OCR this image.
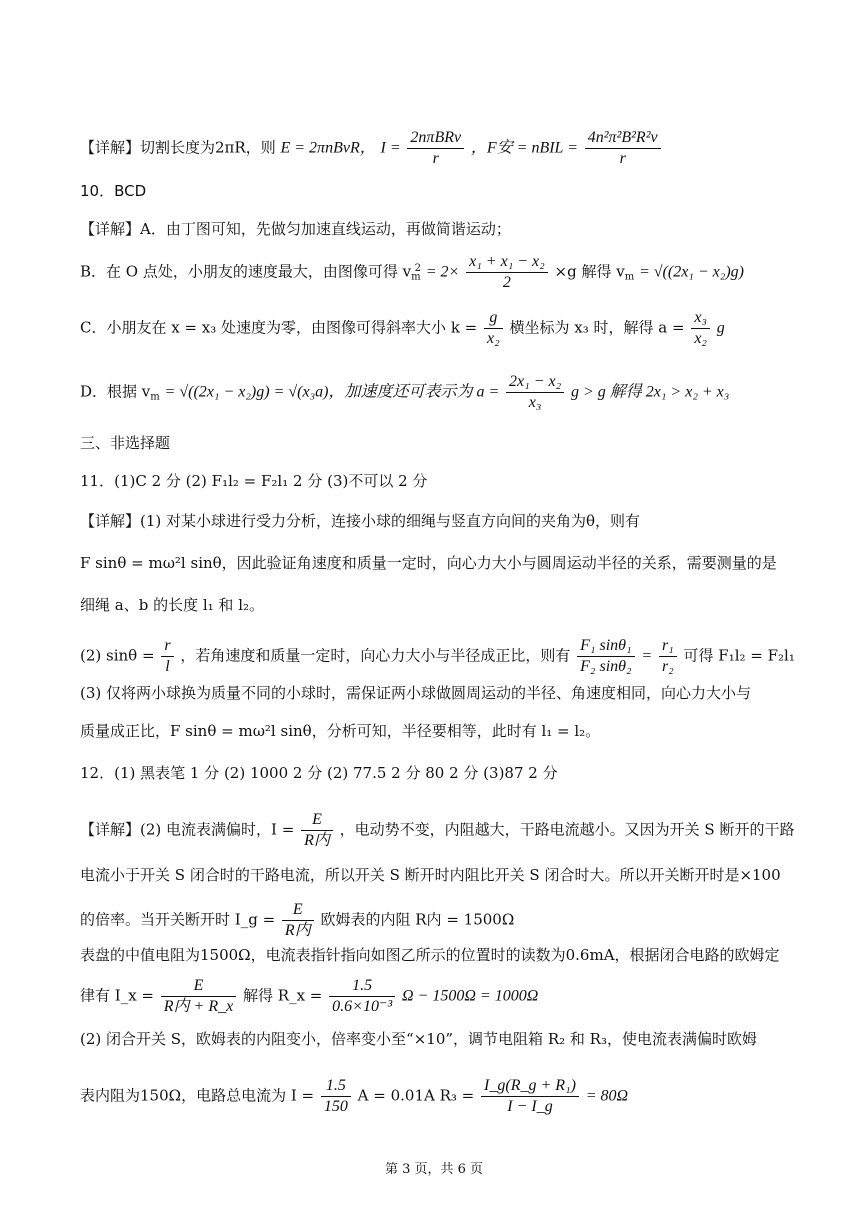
【详解】切割长度为2πR，则 E = 2πnBvR， $I = \frac{\text{2nπBRv}}{r}$ ，F安 = nBIL = $\frac{\text{4n²π²B²R²v}}{r}$
10．BCD
【详解】A．由丁图可知，先做匀加速直线运动，再做简谐运动；
B．在 O 点处，小朋友的速度最大，由图像可得 $v_m^2 = 2\times \frac{\text{x₁ + x₁ − x₂}}{2} \times g$ 解得 $v_m = √((2x_1 - x_2)g)$
C．小朋友在 x = x₃ 处速度为零，由图像可得斜率大小 $k = \frac{g}{\text{x₂}}$ 横坐标为 x₃ 时，解得 $a = \frac{\text{x₃}}{\text{x₂}}$ g
D．根据 $v_m = √((2x_1 - x_2)g) = √(x_3a)$，加速度还可表示为 $a = \frac{\text{2x₁ − x₂}}{\text{x₃}}$ g > g 解得 2x₁ > x₂ + x₃
三、非选择题
11．(1)C 2 分 (2) F₁l₂ = F₂l₁ 2 分 (3)不可以 2 分
【详解】(1) 对某小球进行受力分析，连接小球的细绳与竖直方向间的夹角为θ，则有
F sinθ = mω²l sinθ，因此验证角速度和质量一定时，向心力大小与圆周运动半径的关系，需要测量的是
细绳 a、b 的长度 l₁ 和 l₂。
(2) $\sin\theta = \frac{r}{l}$ ，若角速度和质量一定时，向心力大小与半径成正比，则有 $\frac{\text{F₁ sinθ₁}}{\text{F₂ sinθ₂}} = \frac{\text{r₁}}{\text{r₂}}$ 可得 F₁l₂ = F₂l₁
(3) 仅将两小球换为质量不同的小球时，需保证两小球做圆周运动的半径、角速度相同，向心力大小与
质量成正比，F sinθ = mω²l sinθ，分析可知，半径要相等，此时有 l₁ = l₂。
12．(1) 黑表笔 1 分 (2) 1000 2 分 (2) 77.5 2 分 80 2 分 (3)87 2 分
【详解】(2) 电流表满偏时，$I = \frac{E}{\text{R内}}$ ，电动势不变，内阻越大，干路电流越小。又因为开关 S 断开的干路
电流小于开关 S 闭合时的干路电流，所以开关 S 断开时内阻比开关 S 闭合时大。所以开关断开时是×100
的倍率。当开关断开时 I_g = $\frac{E}{\text{R内}}$ 欧姆表的内阻 R内 = 1500Ω
表盘的中值电阻为1500Ω，电流表指针指向如图乙所示的位置时的读数为0.6mA，根据闭合电路的欧姆定
律有 I_x = $\frac{E}{\text{R内 + R\_x}}$ 解得 R_x = $\frac{1.5}{\text{0.6×10⁻³}}$ Ω − 1500Ω = 1000Ω
(2) 闭合开关 S，欧姆表的内阻变小，倍率变小至“×10”，调节电阻箱 R₂ 和 R₃，使电流表满偏时欧姆
表内阻为150Ω，电路总电流为 $I = \frac{1.5}{150}$ A = 0.01A $R_3 = \frac{\text{I\_g(R\_g + R₁)}}{I - I\_g} = 80\Omega$
第 3 页，共 6 页
